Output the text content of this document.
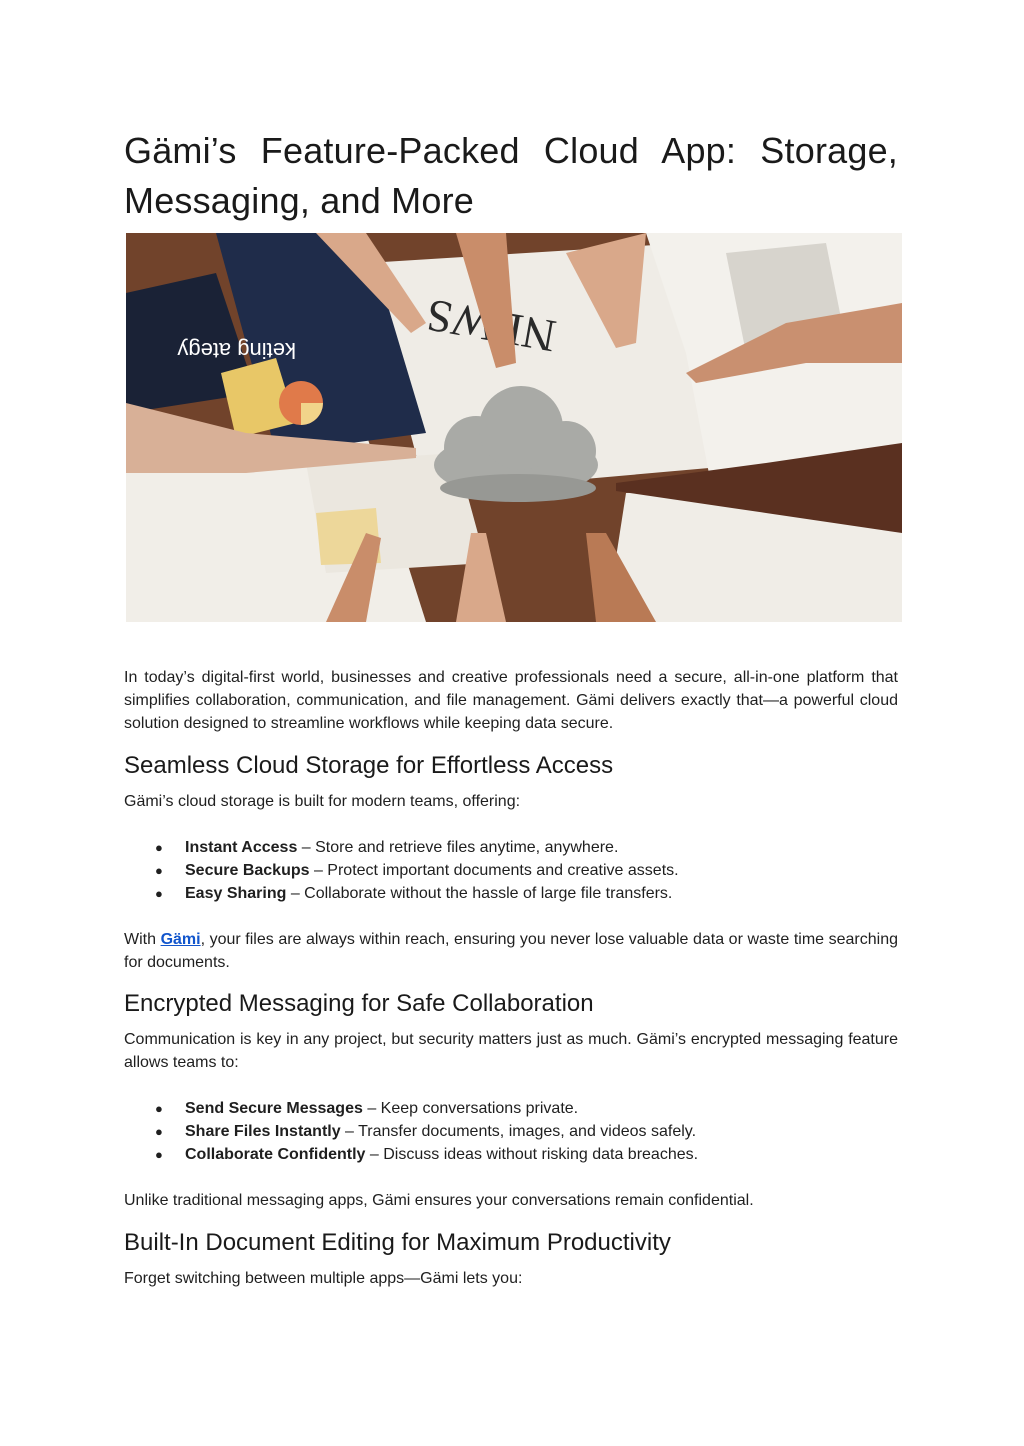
Gämi’s Feature-Packed Cloud App: Storage, Messaging, and More
keting ategy

In today’s digital-first world, businesses and creative professionals need a secure, all-in-one platform that simplifies collaboration, communication, and file management. Gämi delivers exactly that—a powerful cloud solution designed to streamline workflows while keeping data secure.

Seamless Cloud Storage for Effortless Access

Gämi’s cloud storage is built for modern teams, offering:

● Instant Access – Store and retrieve files anytime, anywhere.
● Secure Backups – Protect important documents and creative assets.
● Easy Sharing – Collaborate without the hassle of large file transfers.

With Gämi, your files are always within reach, ensuring you never lose valuable data or waste time searching for documents.

Encrypted Messaging for Safe Collaboration

Communication is key in any project, but security matters just as much. Gämi’s encrypted messaging feature allows teams to:

● Send Secure Messages – Keep conversations private.
● Share Files Instantly – Transfer documents, images, and videos safely.
● Collaborate Confidently – Discuss ideas without risking data breaches.

Unlike traditional messaging apps, Gämi ensures your conversations remain confidential.

Built-In Document Editing for Maximum Productivity

Forget switching between multiple apps—Gämi lets you:
